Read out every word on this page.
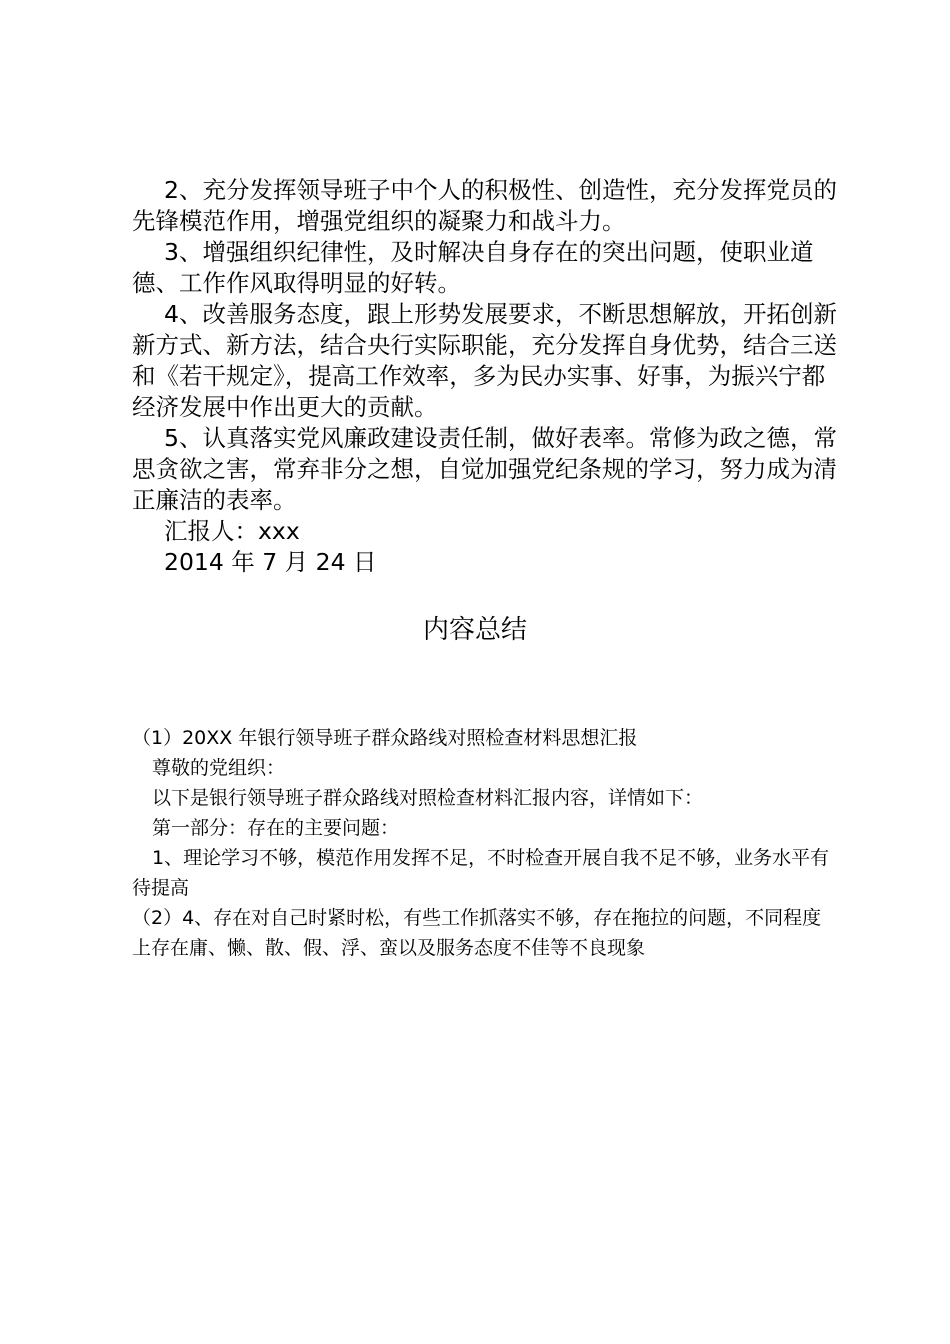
2、充分发挥领导班子中个人的积极性、创造性，充分发挥党员的先锋模范作用，增强党组织的凝聚力和战斗力。

3、增强组织纪律性，及时解决自身存在的突出问题，使职业道德、工作作风取得明显的好转。

4、改善服务态度，跟上形势发展要求，不断思想解放，开拓创新新方式、新方法，结合央行实际职能，充分发挥自身优势，结合三送和《若干规定》，提高工作效率，多为民办实事、好事，为振兴宁都经济发展中作出更大的贡献。

5、认真落实党风廉政建设责任制，做好表率。常修为政之德，常思贪欲之害，常弃非分之想，自觉加强党纪条规的学习，努力成为清正廉洁的表率。

汇报人：xxx

2014 年 7 月 24 日

内容总结

（1）20XX 年银行领导班子群众路线对照检查材料思想汇报

尊敬的党组织：

以下是银行领导班子群众路线对照检查材料汇报内容，详情如下：

第一部分：存在的主要问题：

1、理论学习不够，模范作用发挥不足，不时检查开展自我不足不够，业务水平有待提高

（2）4、存在对自己时紧时松，有些工作抓落实不够，存在拖拉的问题，不同程度上存在庸、懒、散、假、浮、蛮以及服务态度不佳等不良现象
